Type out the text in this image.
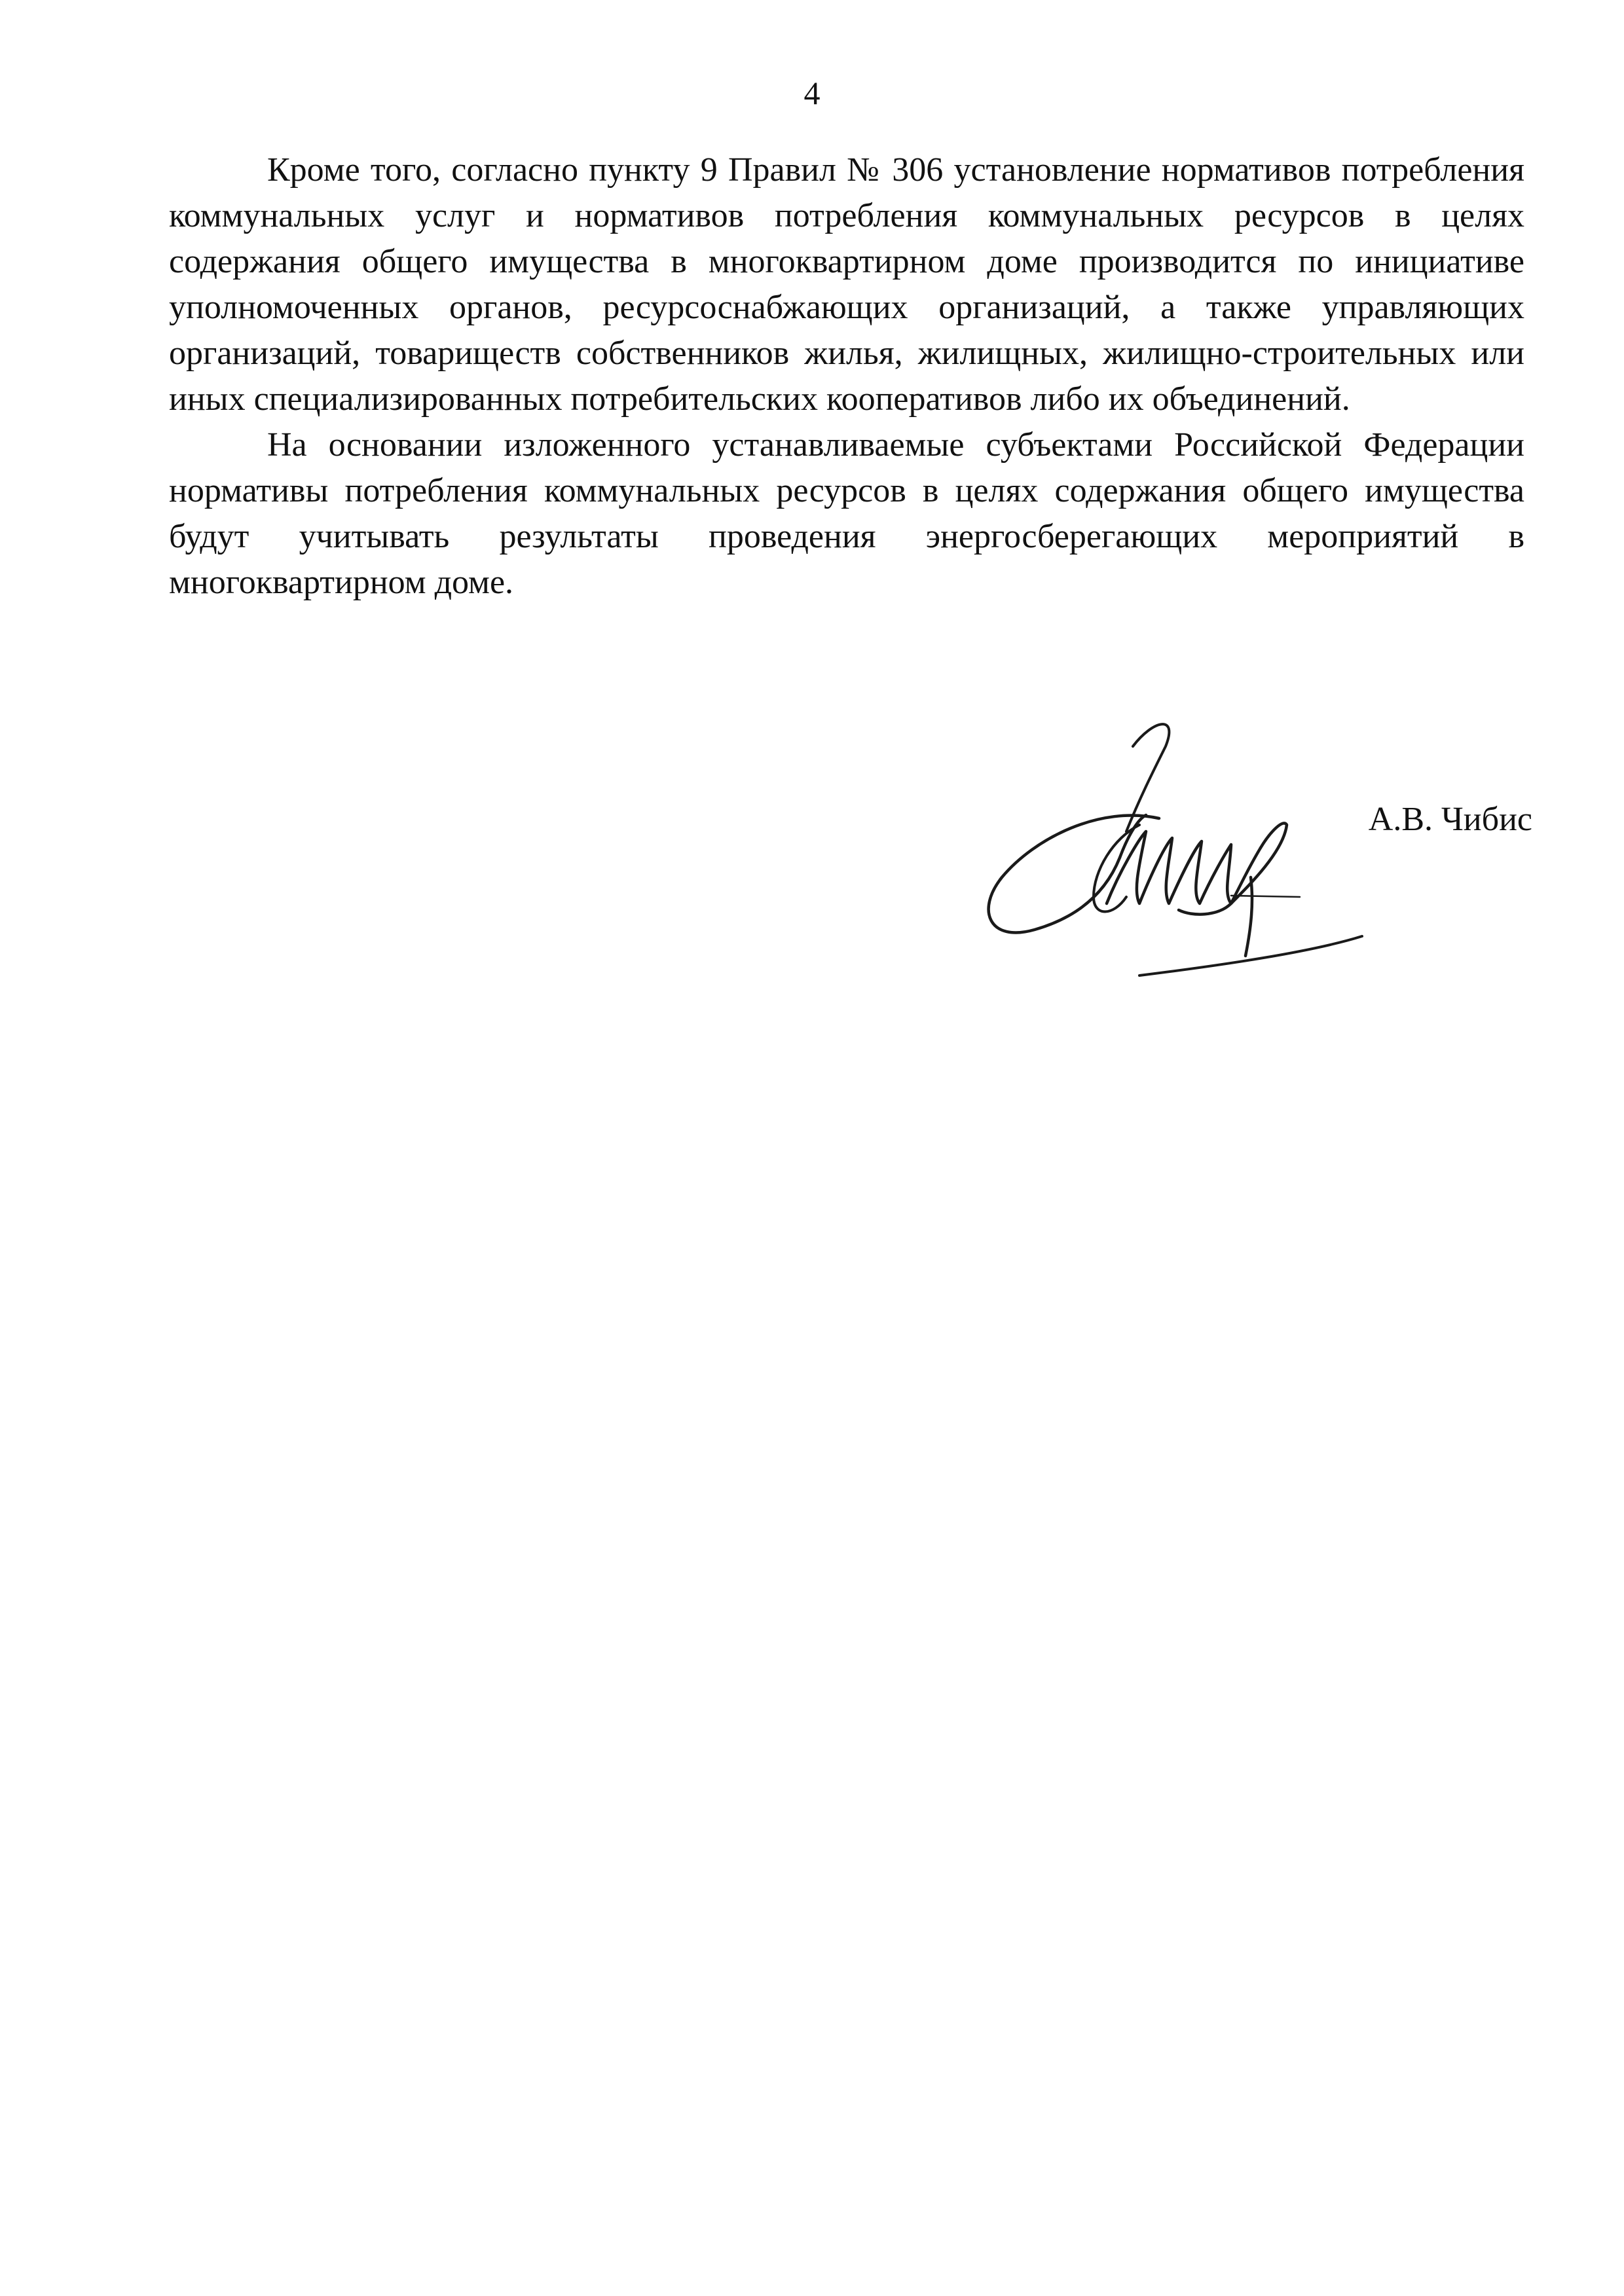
4

Кроме того, согласно пункту 9 Правил № 306 установление нормативов потребления коммунальных услуг и нормативов потребления коммунальных ресурсов в целях содержания общего имущества в многоквартирном доме производится по инициативе уполномоченных органов, ресурсоснабжающих организаций, а также управляющих организаций, товариществ собственников жилья, жилищных, жилищно-строительных или иных специализированных потребительских кооперативов либо их объединений.

На основании изложенного устанавливаемые субъектами Российской Федерации нормативы потребления коммунальных ресурсов в целях содержания общего имущества будут учитывать результаты проведения энергосберегающих мероприятий в многоквартирном доме.

А.В. Чибис
